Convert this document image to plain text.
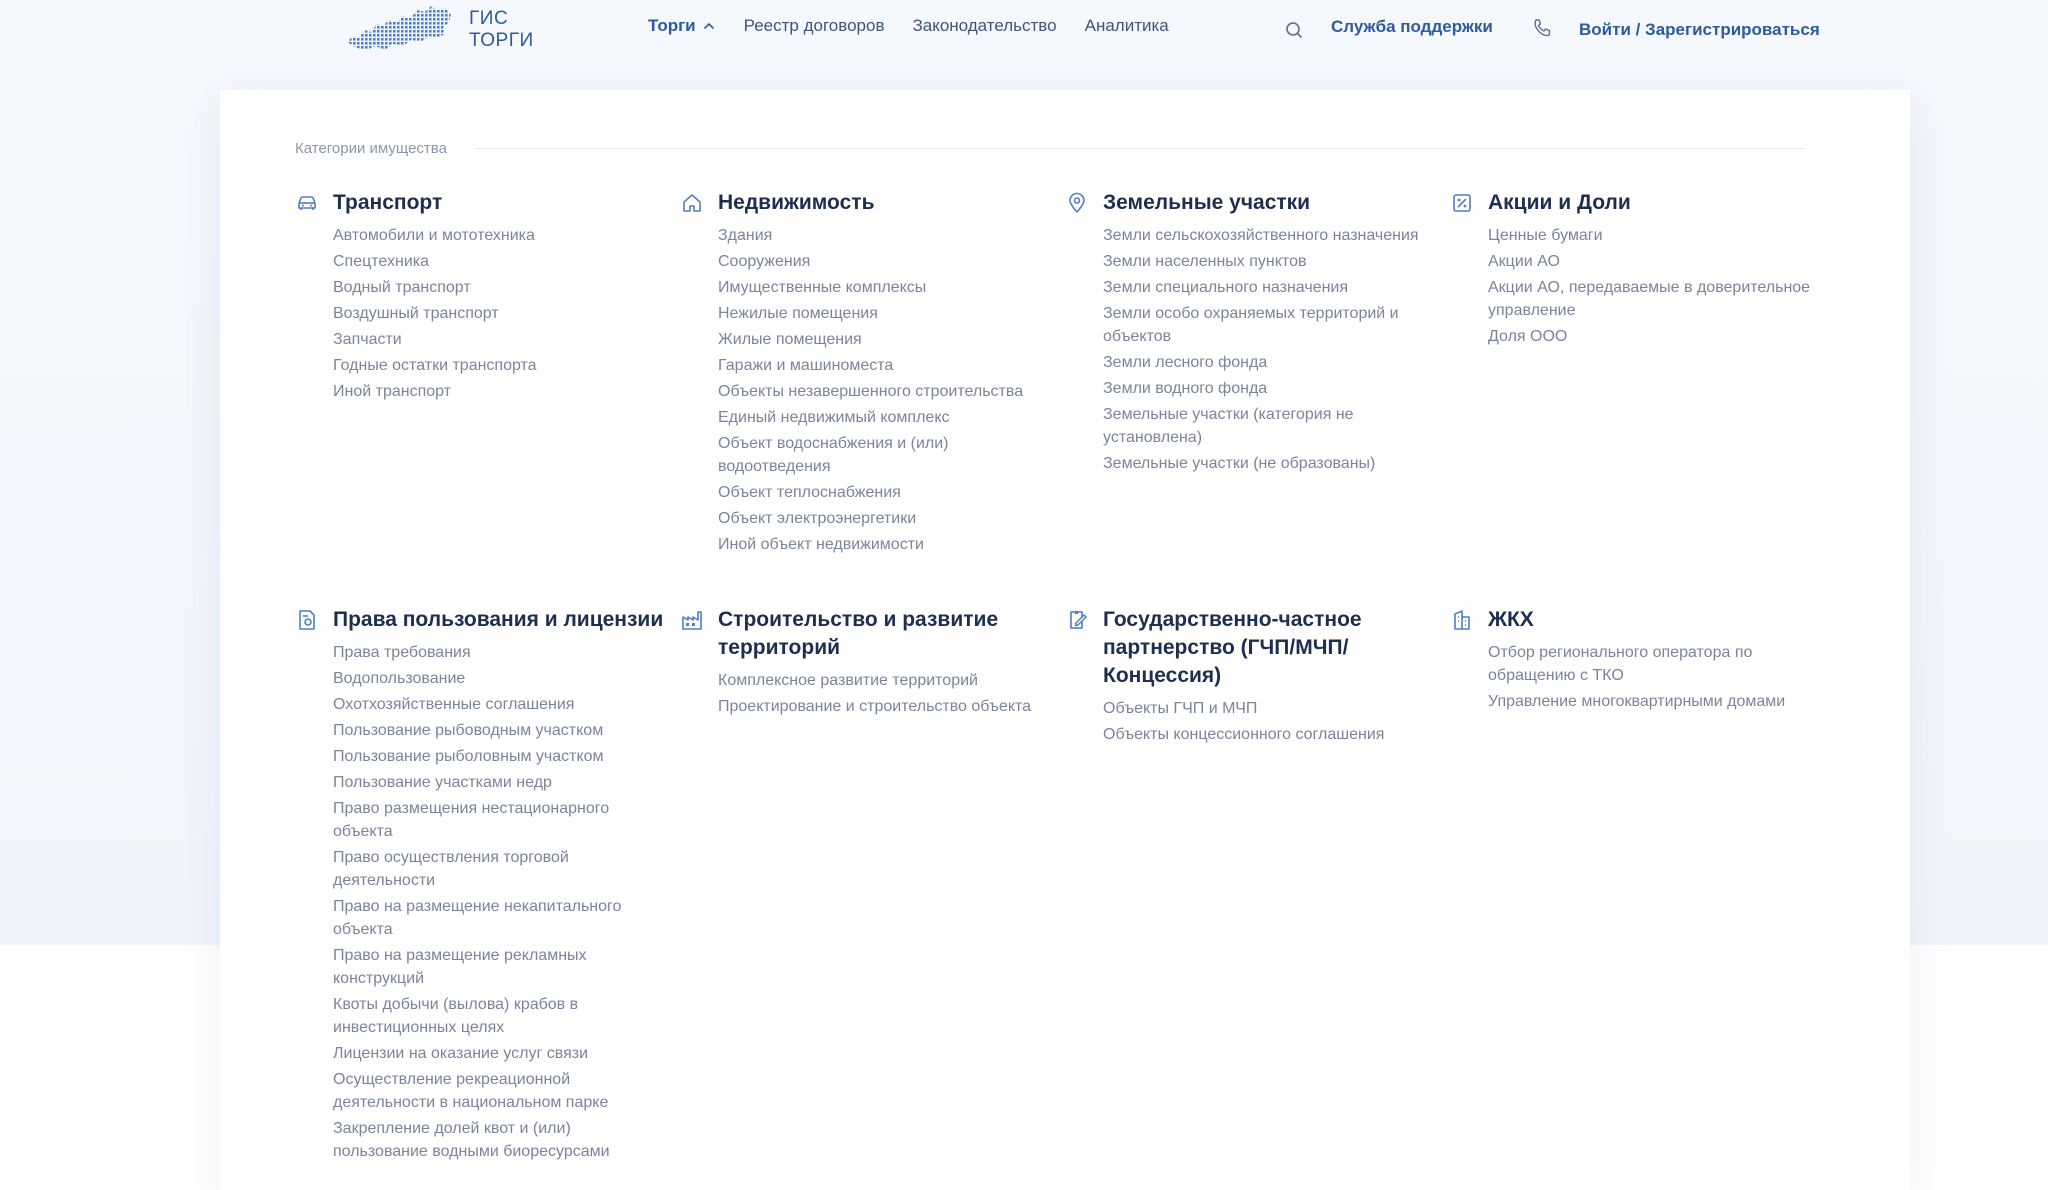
ГИС
ТОРГИ
Торги	Реестр договоров Законодательство Аналитика	Служба поддержки	Войти / Зарегистрироваться
Категории имущества
Транспорт
Автомобили и мототехника
Спецтехника
Водный транспорт
Воздушный транспорт
Запчасти
Годные остатки транспорта
Иной транспорт
Недвижимость
Здания
Сооружения
Имущественные комплексы
Нежилые помещения
Жилые помещения
Гаражи и машиноместа
Объекты незавершенного строительства
Единый недвижимый комплекс
Объект водоснабжения и (или) водоотведения
Объект теплоснабжения
Объект электроэнергетики
Иной объект недвижимости
Земельные участки
Земли сельскохозяйственного назначения
Земли населенных пунктов
Земли специального назначения
Земли особо охраняемых территорий и объектов
Земли лесного фонда
Земли водного фонда
Земельные участки (категория не установлена)
Земельные участки (не образованы)
Акции и Доли
Ценные бумаги
Акции АО
Акции АО, передаваемые в доверительное управление
Доля ООО
Права пользования и лицензии
Права требования
Водопользование
Охотхозяйственные соглашения
Пользование рыбоводным участком
Пользование рыболовным участком
Пользование участками недр
Право размещения нестационарного объекта
Право осуществления торговой деятельности
Право на размещение некапитального объекта
Право на размещение рекламных конструкций
Квоты добычи (вылова) крабов в инвестиционных целях
Лицензии на оказание услуг связи
Осуществление рекреационной деятельности в национальном парке
Закрепление долей квот и (или) пользование водными биоресурсами
Строительство и развитие территорий
Комплексное развитие территорий
Проектирование и строительство объекта
Государственно-частное партнерство (ГЧП/МЧП/Концессия)
Объекты ГЧП и МЧП
Объекты концессионного соглашения
ЖКХ
Отбор регионального оператора по обращению с ТКО
Управление многоквартирными домами
